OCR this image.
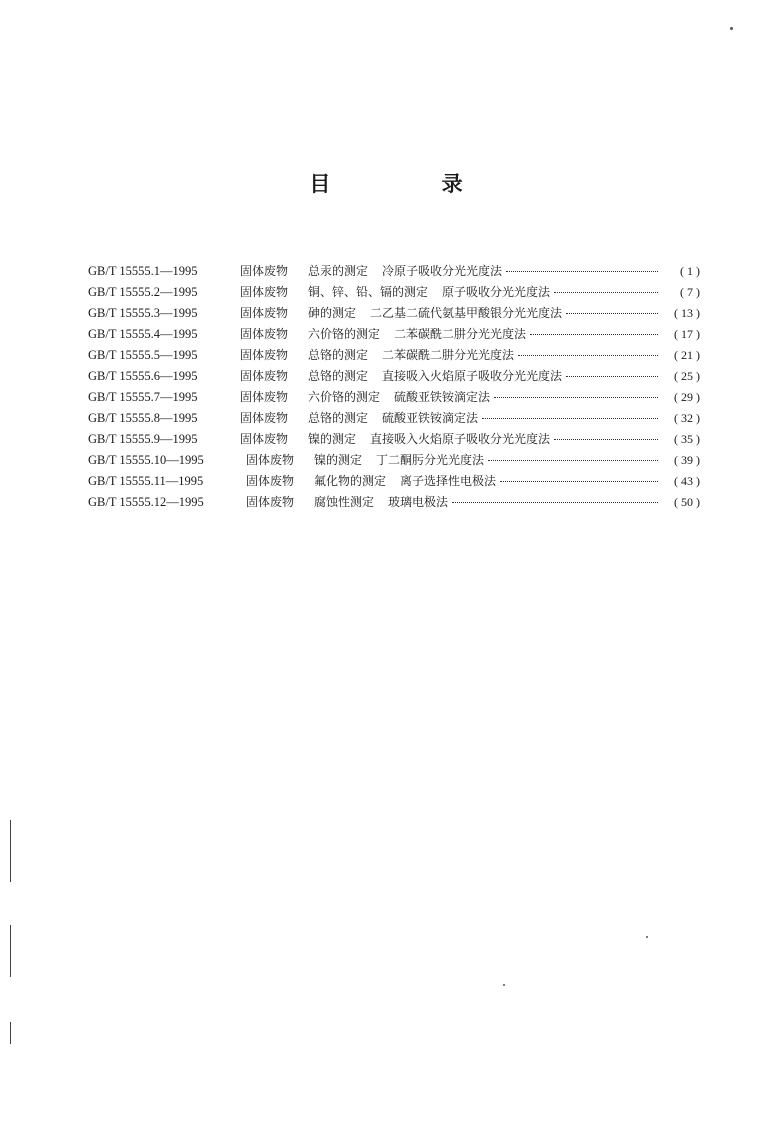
目 录
GB/T 15555.1—1995	固体废物	总汞的测定 冷原子吸收分光光度法	( 1 )
GB/T 15555.2—1995	固体废物	铜、锌、铅、镉的测定 原子吸收分光光度法	( 7 )
GB/T 15555.3—1995	固体废物	砷的测定 二乙基二硫代氨基甲酸银分光光度法	( 13 )
GB/T 15555.4—1995	固体废物	六价铬的测定 二苯碳酰二肼分光光度法	( 17 )
GB/T 15555.5—1995	固体废物	总铬的测定 二苯碳酰二肼分光光度法	( 21 )
GB/T 15555.6—1995	固体废物	总铬的测定 直接吸入火焰原子吸收分光光度法	( 25 )
GB/T 15555.7—1995	固体废物	六价铬的测定 硫酸亚铁铵滴定法	( 29 )
GB/T 15555.8—1995	固体废物	总铬的测定 硫酸亚铁铵滴定法	( 32 )
GB/T 15555.9—1995	固体废物	镍的测定 直接吸入火焰原子吸收分光光度法	( 35 )
GB/T 15555.10—1995	固体废物	镍的测定 丁二酮肟分光光度法	( 39 )
GB/T 15555.11—1995	固体废物	氟化物的测定 离子选择性电极法	( 43 )
GB/T 15555.12—1995	固体废物	腐蚀性测定 玻璃电极法	( 50 )
